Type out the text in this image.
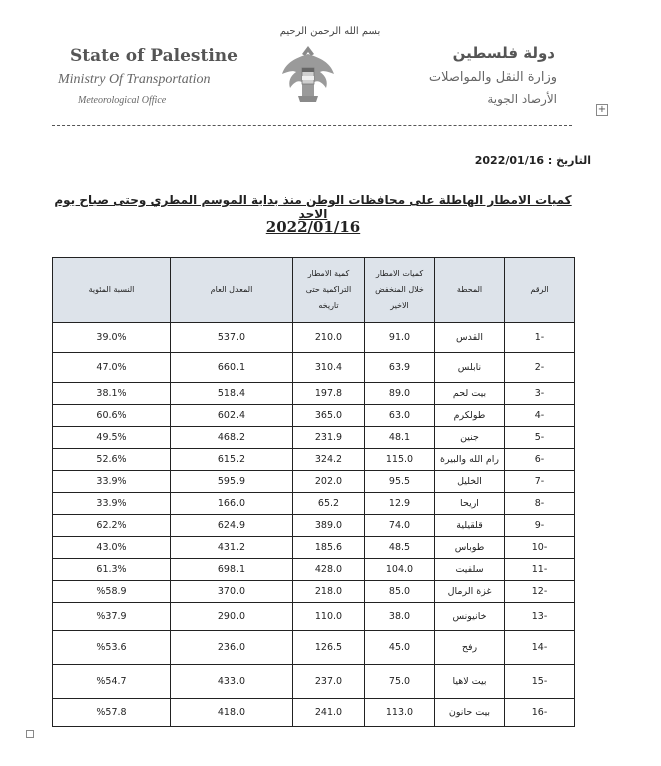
بسم الله الرحمن الرحيم
State of Palestine
Ministry Of Transportation
Meteorological Office
دولة فلسطين
وزارة النقل والمواصلات
الأرصاد الجوية
+
التاريخ : 2022/01/16
كميات الامطار الهاطلة على محافظات الوطن منذ بداية الموسم المطري وحتى صباح يوم الاحد
2022/01/16
الرقم	المحطة	كميات الامطار خلال المنخفض الاخير	كمية الامطار التراكمية حتى تاريخه	المعدل العام	النسبة المئوية
-1	القدس	91.0	210.0	537.0	39.0%
-2	نابلس	63.9	310.4	660.1	47.0%
-3	بيت لحم	89.0	197.8	518.4	38.1%
-4	طولكرم	63.0	365.0	602.4	60.6%
-5	جنين	48.1	231.9	468.2	49.5%
-6	رام الله والبيرة	115.0	324.2	615.2	52.6%
-7	الخليل	95.5	202.0	595.9	33.9%
-8	اريحا	12.9	65.2	166.0	33.9%
-9	قلقيلية	74.0	389.0	624.9	62.2%
-10	طوباس	48.5	185.6	431.2	43.0%
-11	سلفيت	104.0	428.0	698.1	61.3%
-12	غزة الرمال	85.0	218.0	370.0	%58.9
-13	خانيونس	38.0	110.0	290.0	%37.9
-14	رفح	45.0	126.5	236.0	%53.6
-15	بيت لاهيا	75.0	237.0	433.0	%54.7
-16	بيت حانون	113.0	241.0	418.0	%57.8
